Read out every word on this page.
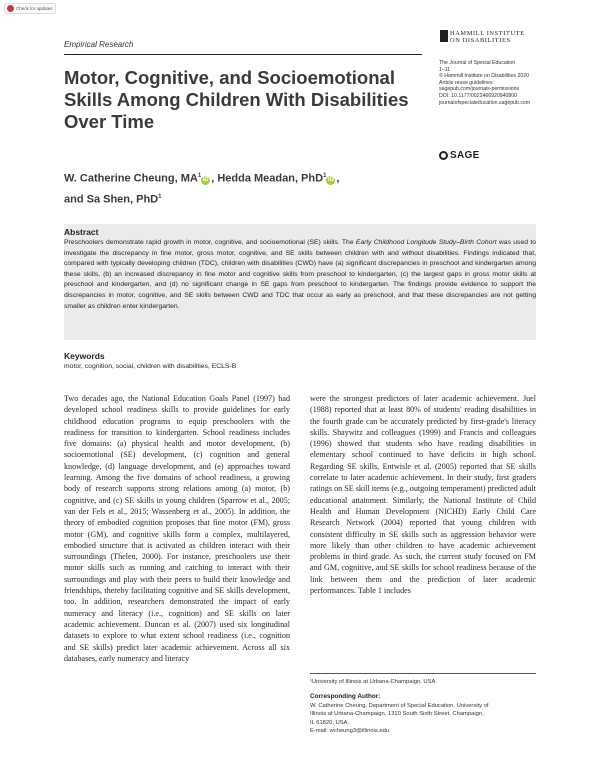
Check for updates
Empirical Research
HAMMILL INSTITUTE
ON DISABILITIES
The Journal of Special Education
1–11
© Hammill Institute on Disabilities 2020
Article reuse guidelines:
sagepub.com/journals-permissions
DOI: 10.1177/0022466920940800
journalofspecialeducation.sagepub.com
SAGE
Motor, Cognitive, and Socioemotional Skills Among Children With Disabilities Over Time
W. Catherine Cheung, $MA^1iD$ , Hedda Meadan, PhD$^1$iD ,
and Sa Shen, PhD$^1$
Abstract

Preschoolers demonstrate rapid growth in motor, cognitive, and socioemotional (SE) skills. The Early Childhood Longitude Study–Birth Cohort was used to investigate the discrepancy in fine motor, gross motor, cognitive, and SE skills between children with and without disabilities. Findings indicated that, compared with typically developing children (TDC), children with disabilities (CWD) have (a) significant discrepancies in preschool and kindergarten among these skills, (b) an increased discrepancy in fine motor and cognitive skills from preschool to kindergarten, (c) the largest gaps in gross motor skills at preschool and kindergarten, and (d) no significant change in SE gaps from preschool to kindergarten. The findings provide evidence to support the discrepancies in motor, cognitive, and SE skills between CWD and TDC that occur as early as preschool, and that these discrepancies are not getting smaller as children enter kindergarten.

Keywords

motor, cognition, social, children with disabilities, ECLS-B

Two decades ago, the National Education Goals Panel (1997) had developed school readiness skills to provide guidelines for early childhood education programs to equip preschoolers with the readiness for transition to kindergarten. School readiness includes five domains: (a) physical health and motor development, (b) socioemotional (SE) development, (c) cognition and general knowledge, (d) language development, and (e) approaches toward learning. Among the five domains of school readiness, a growing body of research supports strong relations among (a) motor, (b) cognitive, and (c) SE skills in young children (Sparrow et al., 2005; van der Fels et al., 2015; Wassenberg et al., 2005). In addition, the theory of embodied cognition proposes that fine motor (FM), gross motor (GM), and cognitive skills form a complex, multilayered, embodied structure that is activated as children interact with their surroundings (Thelen, 2000). For instance, preschoolers use their motor skills such as running and catching to interact with their surroundings and play with their peers to build their knowledge and friendships, thereby facilitating cognitive and SE skills development, too. In addition, researchers demonstrated the impact of early numeracy and literacy (i.e., cognition) and SE skills on later academic achievement. Duncan et al. (2007) used six longitudinal datasets to explore to what extent school readiness (i.e., cognition and SE skills) predict later academic achievement. Across all six databases, early numeracy and literacy

were the strongest predictors of later academic achievement. Juel (1988) reported that at least 80% of students' reading disabilities in the fourth grade can be accurately predicted by first-grade's literacy skills. Shaywitz and colleagues (1999) and Francis and colleagues (1996) showed that students who have reading disabilities in elementary school continued to have deficits in high school. Regarding SE skills, Entwisle et al. (2005) reported that SE skills correlate to later academic achievement. In their study, first graders ratings on SE skill items (e.g., outgoing temperament) predicted adult educational attainment. Similarly, the National Institute of Child Health and Human Development (NICHD) Early Child Care Research Network (2004) reported that young children with consistent difficulty in SE skills such as aggression behavior were more likely than other children to have academic achievement problems in third grade. As such, the current study focused on FM and GM, cognitive, and SE skills for school readiness because of the link between them and the prediction of later academic performances. Table 1 includes

¹University of Illinois at Urbana-Champaign, USA

Corresponding Author:

W. Catherine Cheung, Department of Special Education, University of
Illinois at Urbana-Champaign, 1310 South Sixth Street, Champaign,
IL 61820, USA.
E-mail: wcheung3@illinois.edu
